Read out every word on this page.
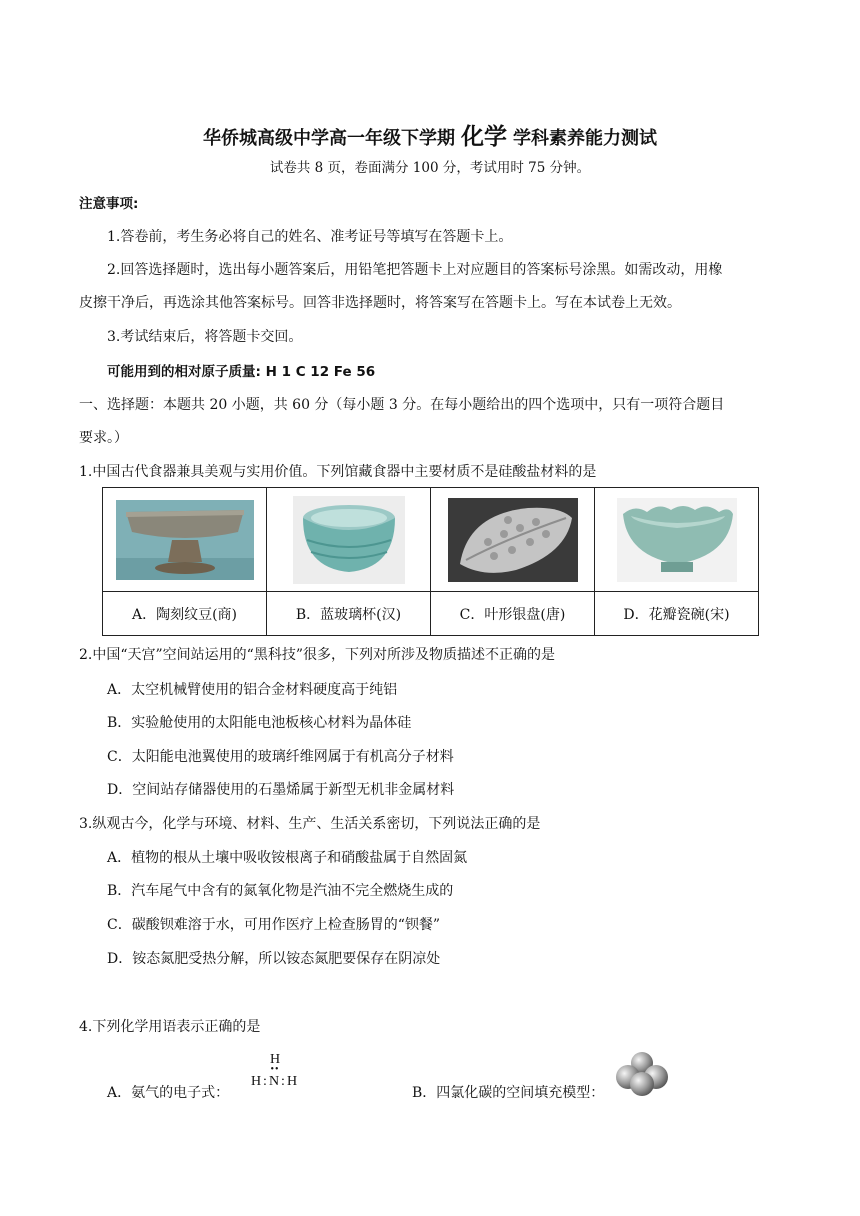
华侨城高级中学高一年级下学期 化学 学科素养能力测试
试卷共 8 页，卷面满分 100 分，考试用时 75 分钟。
注意事项:
1.答卷前，考生务必将自己的姓名、准考证号等填写在答题卡上。
2.回答选择题时，选出每小题答案后，用铅笔把答题卡上对应题目的答案标号涂黑。如需改动，用橡
皮擦干净后，再选涂其他答案标号。回答非选择题时，将答案写在答题卡上。写在本试卷上无效。
3.考试结束后，将答题卡交回。
可能用到的相对原子质量: H 1 C 12 Fe 56
一、选择题：本题共 20 小题，共 60 分（每小题 3 分。在每小题给出的四个选项中，只有一项符合题目
要求。）
1.中国古代食器兼具美观与实用价值。下列馆藏食器中主要材质不是硅酸盐材料的是

A．陶刻纹豆(商)	B．蓝玻璃杯(汉)	C．叶形银盘(唐)	D．花瓣瓷碗(宋)
2.中国“天宫”空间站运用的“黑科技”很多，下列对所涉及物质描述不正确的是
A．太空机械臂使用的铝合金材料硬度高于纯铝
B．实验舱使用的太阳能电池板核心材料为晶体硅
C．太阳能电池翼使用的玻璃纤维网属于有机高分子材料
D．空间站存储器使用的石墨烯属于新型无机非金属材料
3.纵观古今，化学与环境、材料、生产、生活关系密切，下列说法正确的是
A．植物的根从土壤中吸收铵根离子和硝酸盐属于自然固氮
B．汽车尾气中含有的氮氧化物是汽油不完全燃烧生成的
C．碳酸钡难溶于水，可用作医疗上检查肠胃的“钡餐”
D．铵态氮肥受热分解，所以铵态氮肥要保存在阴凉处
4.下列化学用语表示正确的是
A．氨气的电子式：
H
••
H:N:H
B．四氯化碳的空间填充模型：
